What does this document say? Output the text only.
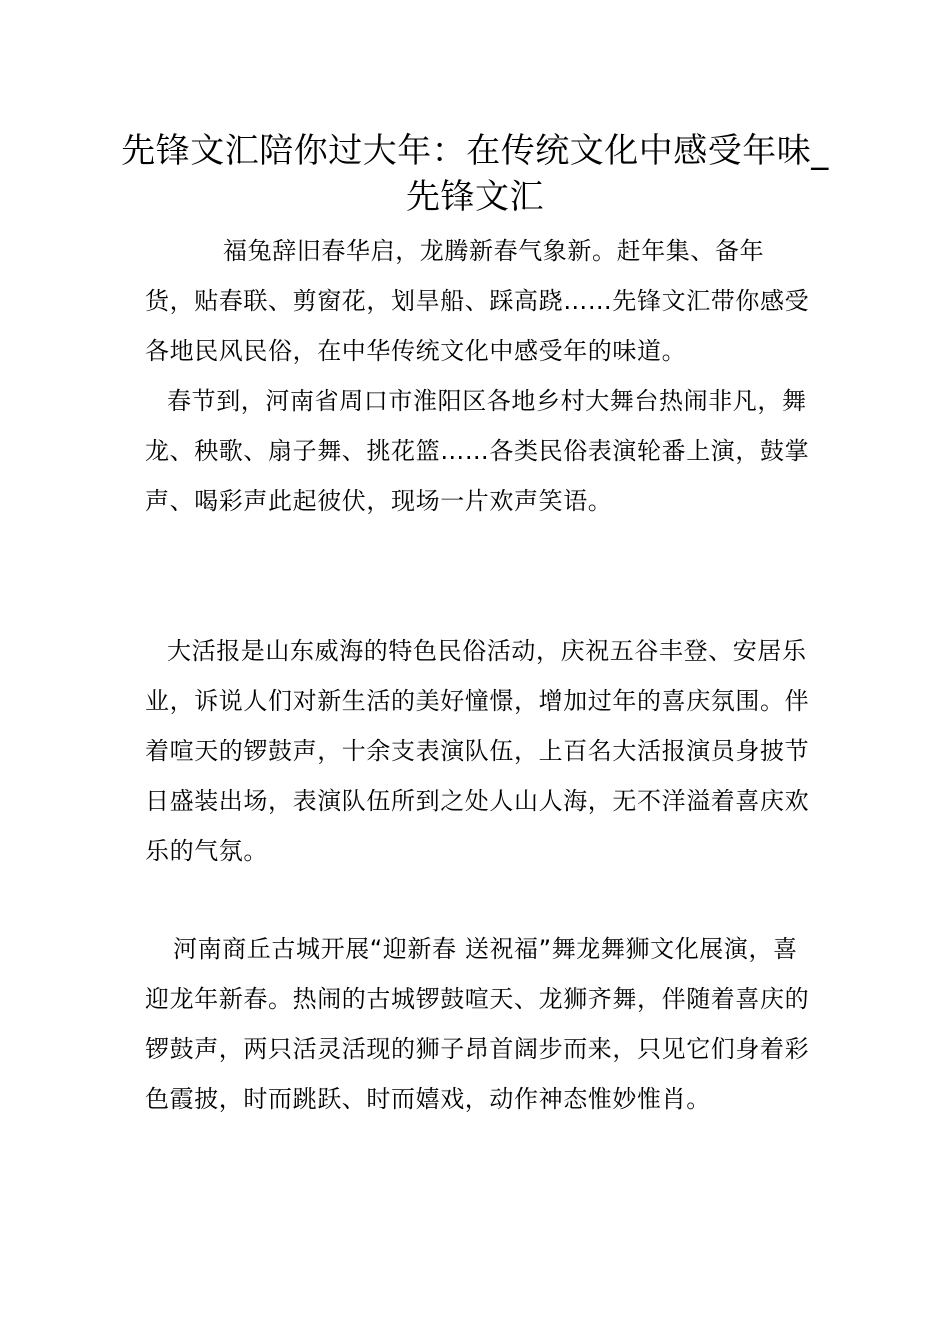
先锋文汇陪你过大年：在传统文化中感受年味_先锋文汇

福兔辞旧春华启，龙腾新春气象新。赶年集、备年货，贴春联、剪窗花，划旱船、踩高跷……先锋文汇带你感受各地民风民俗，在中华传统文化中感受年的味道。

春节到，河南省周口市淮阳区各地乡村大舞台热闹非凡，舞龙、秧歌、扇子舞、挑花篮……各类民俗表演轮番上演，鼓掌声、喝彩声此起彼伏，现场一片欢声笑语。

大活报是山东威海的特色民俗活动，庆祝五谷丰登、安居乐业，诉说人们对新生活的美好憧憬，增加过年的喜庆氛围。伴着喧天的锣鼓声，十余支表演队伍，上百名大活报演员身披节日盛装出场，表演队伍所到之处人山人海，无不洋溢着喜庆欢乐的气氛。

河南商丘古城开展“迎新春 送祝福”舞龙舞狮文化展演，喜迎龙年新春。热闹的古城锣鼓喧天、龙狮齐舞，伴随着喜庆的锣鼓声，两只活灵活现的狮子昂首阔步而来，只见它们身着彩色霞披，时而跳跃、时而嬉戏，动作神态惟妙惟肖。
